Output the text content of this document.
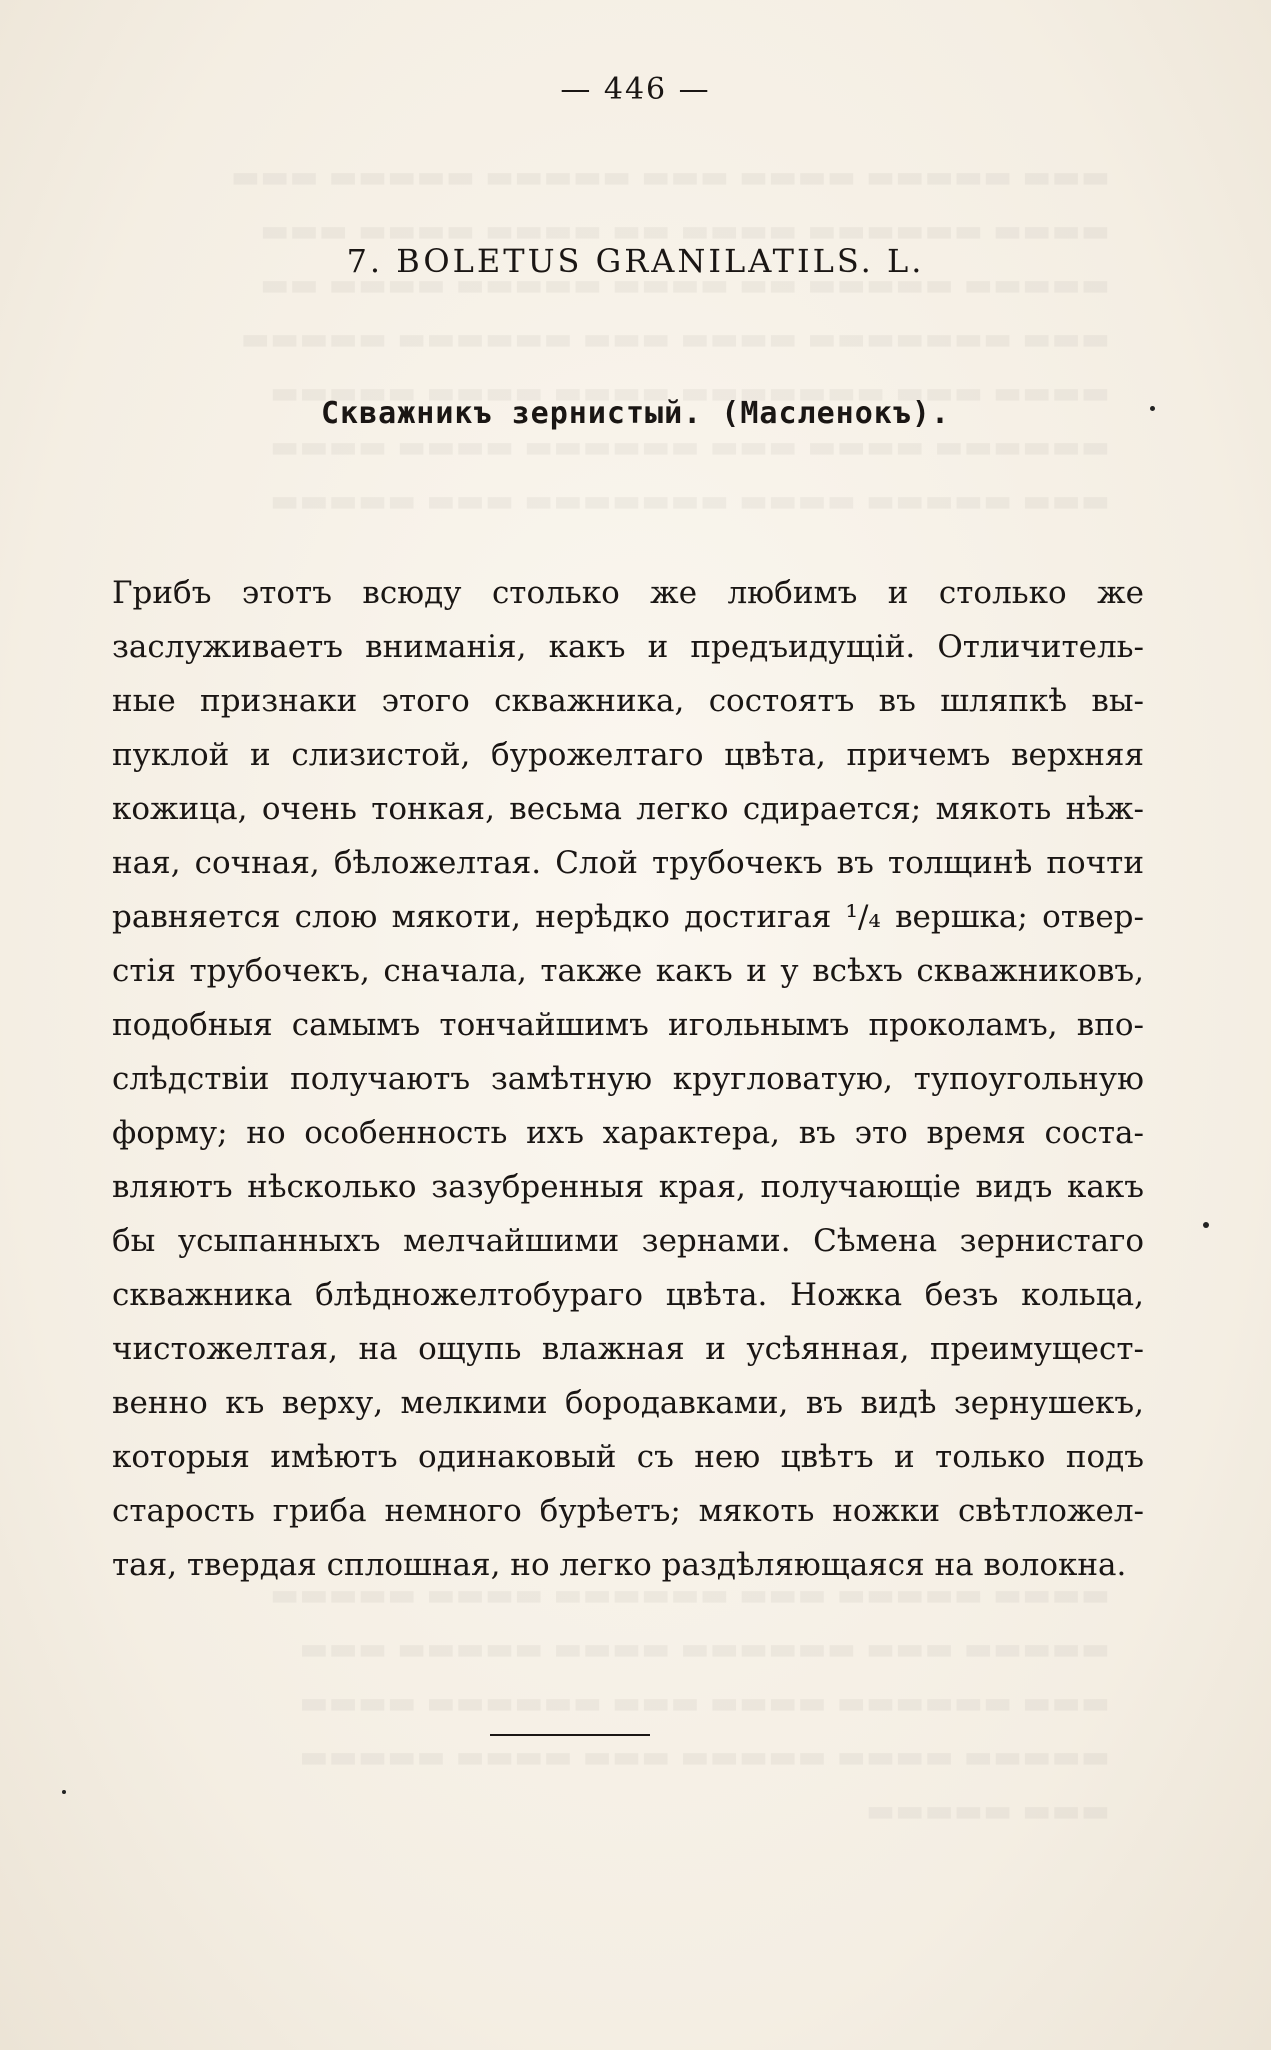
— 446 —
7. BOLETUS GRANILATILS. L.
Скважникъ зернистый. (Масленокъ).
Грибъ этотъ всюду столько же любимъ и столько же
заслуживаетъ вниманія, какъ и предъидущій. Отличитель-
ные признаки этого скважника, состоятъ въ шляпкѣ вы-
пуклой и слизистой, бурожелтаго цвѣта, причемъ верхняя
кожица, очень тонкая, весьма легко сдирается; мякоть нѣж-
ная, сочная, бѣложелтая. Слой трубочекъ въ толщинѣ почти
равняется слою мякоти, нерѣдко достигая ¹/₄ вершка; отвер-
стія трубочекъ, сначала, также какъ и у всѣхъ скважниковъ,
подобныя самымъ тончайшимъ игольнымъ проколамъ, впо-
слѣдствіи получаютъ замѣтную кругловатую, тупоугольную
форму; но особенность ихъ характера, въ это время соста-
вляютъ нѣсколько зазубренныя края, получающіе видъ какъ
бы усыпанныхъ мелчайшими зернами. Сѣмена зернистаго
скважника блѣдножелтобураго цвѣта. Ножка безъ кольца,
чистожелтая, на ощупь влажная и усѣянная, преимущест-
венно къ верху, мелкими бородавками, въ видѣ зернушекъ,
которыя имѣютъ одинаковый съ нею цвѣтъ и только подъ
старость гриба немного бурѣетъ; мякоть ножки свѣтложел-
тая, твердая сплошная, но легко раздѣляющаяся на волокна.
